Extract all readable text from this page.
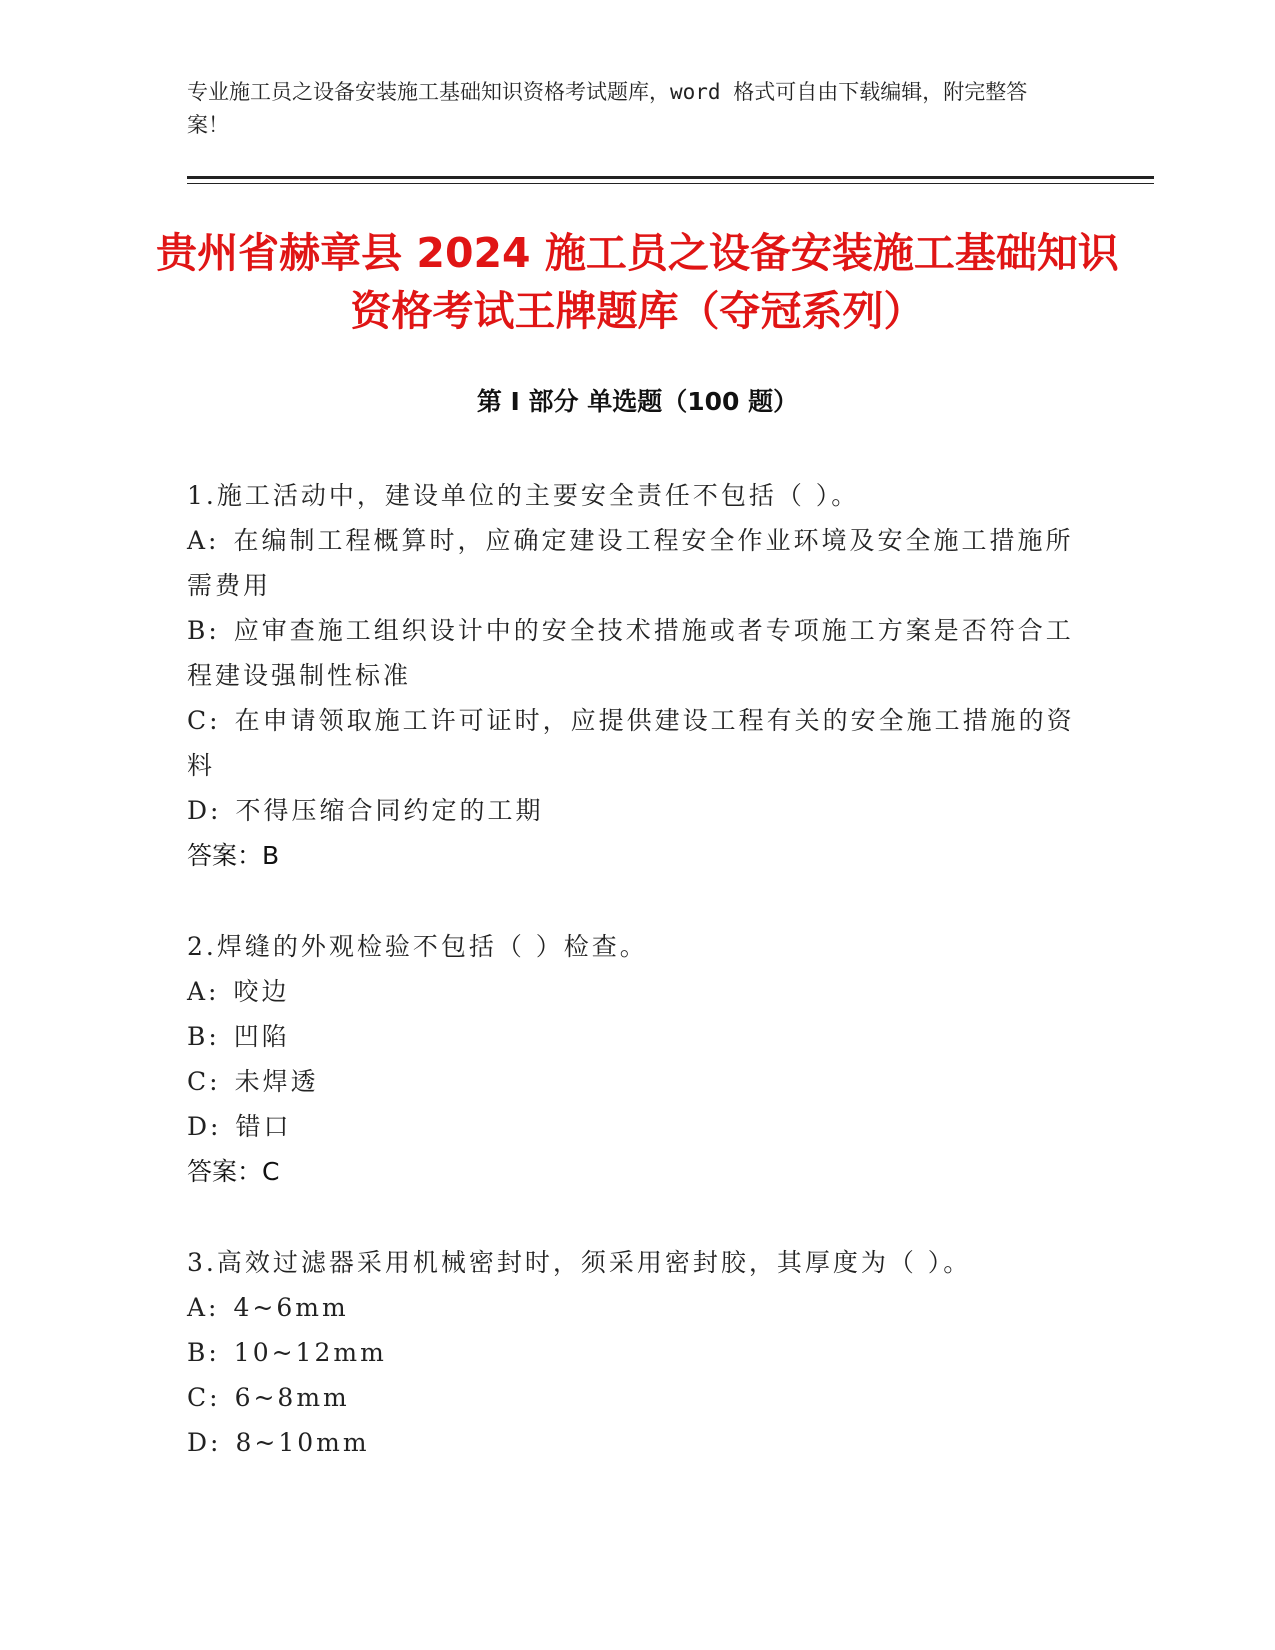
专业施工员之设备安装施工基础知识资格考试题库，word 格式可自由下载编辑，附完整答案！
贵州省赫章县 2024 施工员之设备安装施工基础知识资格考试王牌题库（夺冠系列）
第 I 部分 单选题（100 题）
1.施工活动中，建设单位的主要安全责任不包括（ ）。
A: 在编制工程概算时，应确定建设工程安全作业环境及安全施工措施所需费用
B: 应审查施工组织设计中的安全技术措施或者专项施工方案是否符合工程建设强制性标准
C: 在申请领取施工许可证时，应提供建设工程有关的安全施工措施的资料
D: 不得压缩合同约定的工期
答案：B
2.焊缝的外观检验不包括（ ）检查。
A: 咬边
B: 凹陷
C: 未焊透
D: 错口
答案：C
3.高效过滤器采用机械密封时，须采用密封胶，其厚度为（ ）。
A: 4~6mm
B: 10~12mm
C: 6~8mm
D: 8~10mm
